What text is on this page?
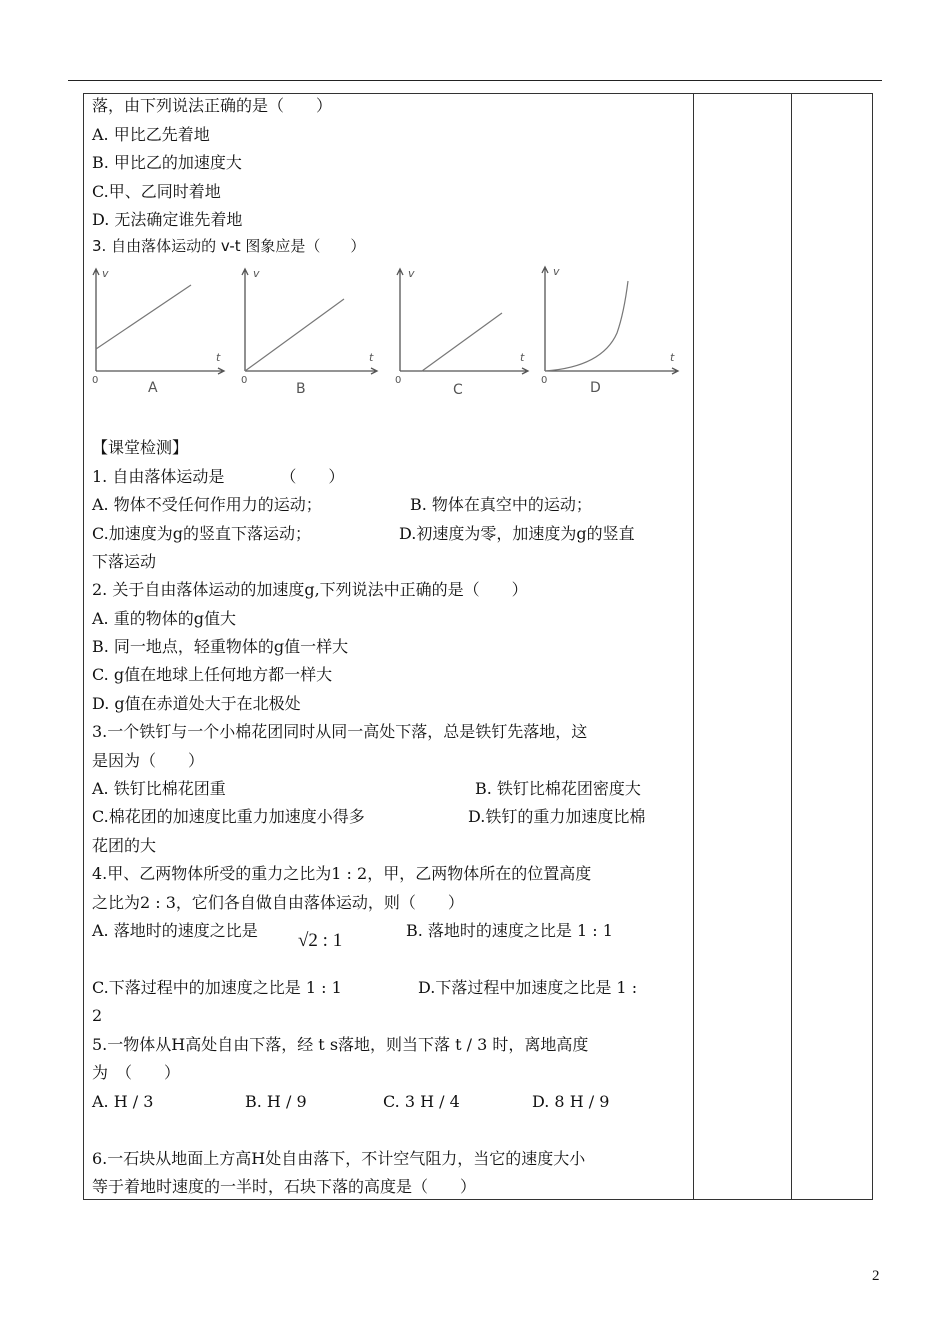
落，由下列说法正确的是（　　）
A. 甲比乙先着地
B. 甲比乙的加速度大
C.甲、乙同时着地
D. 无法确定谁先着地
3. 自由落体运动的 v-t 图象应是（　　）
v
t
0	A
v
t
0
B
v
t
0
C
v
t
0	D
【课堂检测】
1. 自由落体运动是　　　　（　　）
A. 物体不受任何作用力的运动；	B. 物体在真空中的运动；
C.加速度为g的竖直下落运动；	D.初速度为零，加速度为g的竖直
下落运动
2. 关于自由落体运动的加速度g,下列说法中正确的是（　　）
A. 重的物体的g值大
B. 同一地点，轻重物体的g值一样大
C. g值在地球上任何地方都一样大
D. g值在赤道处大于在北极处
3.一个铁钉与一个小棉花团同时从同一高处下落，总是铁钉先落地，这
是因为（　　）
A. 铁钉比棉花团重	B. 铁钉比棉花团密度大
C.棉花团的加速度比重力加速度小得多	D.铁钉的重力加速度比棉
花团的大
4.甲、乙两物体所受的重力之比为1 : 2，甲，乙两物体所在的位置高度
之比为2 : 3，它们各自做自由落体运动，则（　　）
A. 落地时的速度之比是 √2 : 1	B. 落地时的速度之比是 1 : 1
C.下落过程中的加速度之比是 1 : 1	D.下落过程中加速度之比是 1 :
2
5.一物体从H高处自由下落，经 t s落地，则当下落 t / 3 时，离地高度
为　（　　）
A. H / 3	B. H / 9	C. 3 H / 4	D. 8 H / 9
6.一石块从地面上方高H处自由落下，不计空气阻力，当它的速度大小
等于着地时速度的一半时，石块下落的高度是（　　）
2
